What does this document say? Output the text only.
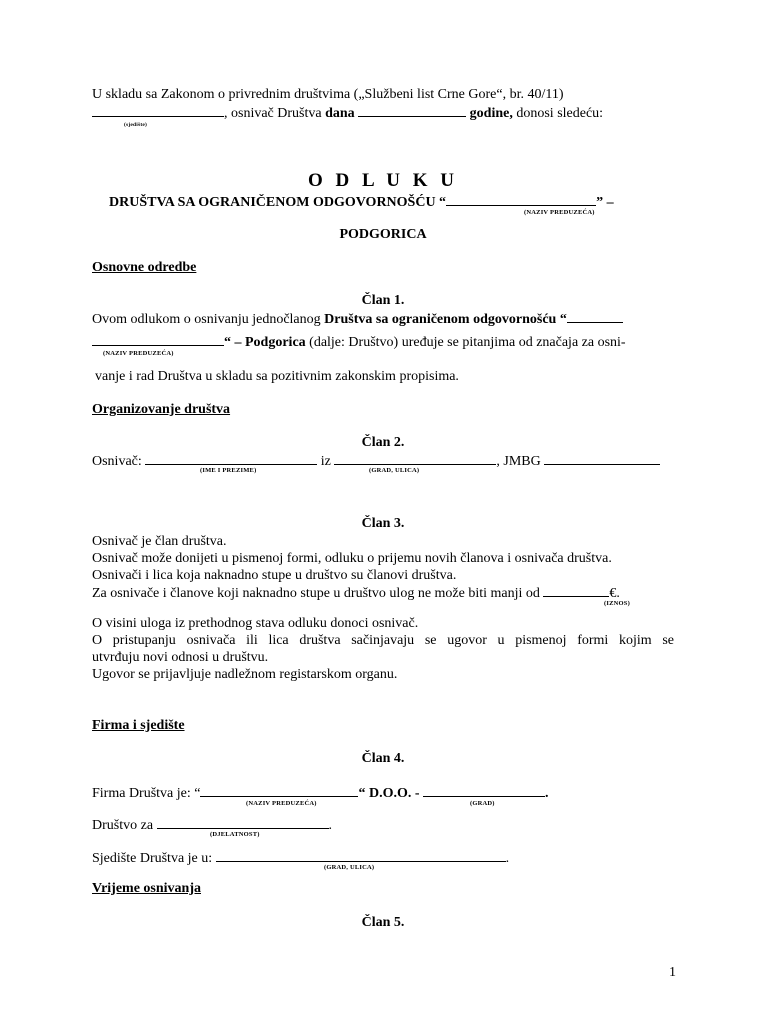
U skladu sa Zakonom o privrednim društvima („Službeni list Crne Gore“, br. 40/11)
, osnivač Društva dana	godine, donosi sledeću:
(sjedište)
O D L U K U
DRUŠTVA SA OGRANIČENOM ODGOVORNOŠĆU “	” –
(NAZIV PREDUZEĆA)
PODGORICA
Osnovne odredbe
Član 1.
Ovom odlukom o osnivanju jednočlanog Društva sa ograničenom odgovornošću “
“ – Podgorica (dalje: Društvo) uređuje se pitanjima od značaja za osni-
(NAZIV PREDUZEĆA)
vanje i rad Društva u skladu sa pozitivnim zakonskim propisima.
Organizovanje društva
Član 2.
Osnivač:	iz	, JMBG
(IME I PREZIME)	(GRAD, ULICA)
Član 3.
Osnivač je član društva.
Osnivač može donijeti u pismenoj formi, odluku o prijemu novih članova i osnivača društva.
Osnivači i lica koja naknadno stupe u društvo su članovi društva.
Za osnivače i članove koji naknadno stupe u društvo ulog ne može biti manji od	€.
(IZNOS)
O visini uloga iz prethodnog stava odluku donoci osnivač.
O pristupanju osnivača ili lica društva sačinjavaju se ugovor u pismenoj formi kojim se
utvrđuju novi odnosi u društvu.
Ugovor se prijavljuje nadležnom registarskom organu.
Firma i sjedište
Član 4.
Firma Društva je: “	“ D.O.O. -	.
(NAZIV PREDUZEĆA)	(GRAD)
Društvo za	.
(DJELATNOST)
Sjedište Društva je u:	.
(GRAD, ULICA)
Vrijeme osnivanja
Član 5.
1
